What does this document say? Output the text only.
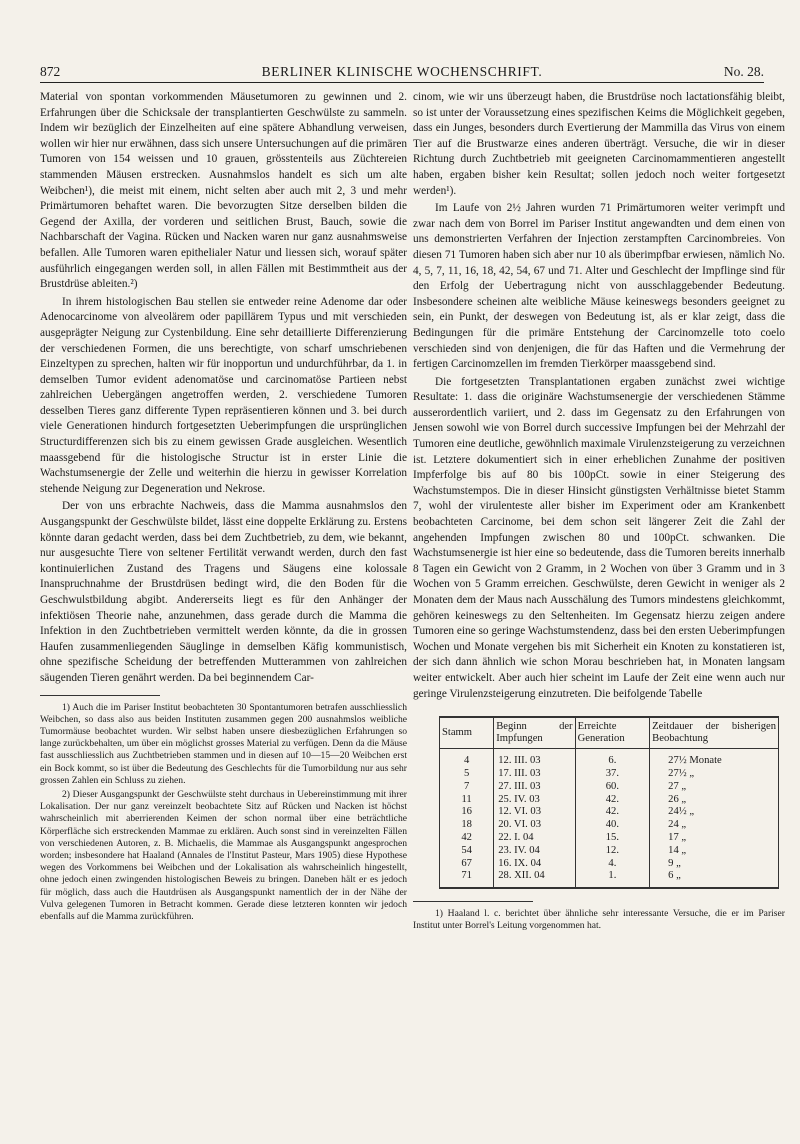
872	BERLINER KLINISCHE WOCHENSCHRIFT.	No. 28.

Material von spontan vorkommenden Mäusetumoren zu gewinnen und 2. Erfahrungen über die Schicksale der transplantierten Geschwülste zu sammeln. Indem wir bezüglich der Einzelheiten auf eine spätere Abhandlung verweisen, wollen wir hier nur erwähnen, dass sich unsere Untersuchungen auf die primären Tumoren von 154 weissen und 10 grauen, grösstenteils aus Züchtereien stammenden Mäusen erstrecken. Ausnahmslos handelt es sich um alte Weibchen¹), die meist mit einem, nicht selten aber auch mit 2, 3 und mehr Primärtumoren behaftet waren. Die bevorzugten Sitze derselben bilden die Gegend der Axilla, der vorderen und seitlichen Brust, Bauch, sowie die Nachbarschaft der Vagina. Rücken und Nacken waren nur ganz ausnahmsweise befallen. Alle Tumoren waren epithelialer Natur und liessen sich, worauf später ausführlich eingegangen werden soll, in allen Fällen mit Bestimmtheit aus der Brustdrüse ableiten.²)

In ihrem histologischen Bau stellen sie entweder reine Adenome dar oder Adenocarcinome von alveolärem oder papillärem Typus und mit verschieden ausgeprägter Neigung zur Cystenbildung. Eine sehr detaillierte Differenzierung der verschiedenen Formen, die uns berechtigte, von scharf umschriebenen Einzeltypen zu sprechen, halten wir für inopportun und undurchführbar, da 1. in demselben Tumor evident adenomatöse und carcinomatöse Partieen nebst zahlreichen Uebergängen angetroffen werden, 2. verschiedene Tumoren desselben Tieres ganz differente Typen repräsentieren können und 3. bei durch viele Generationen hindurch fortgesetzten Ueberimpfungen die ursprünglichen Structurdifferenzen sich bis zu einem gewissen Grade ausgleichen. Wesentlich maassgebend für die histologische Structur ist in erster Linie die Wachstumsenergie der Zelle und weiterhin die hierzu in gewisser Korrelation stehende Neigung zur Degeneration und Nekrose.

Der von uns erbrachte Nachweis, dass die Mamma ausnahmslos den Ausgangspunkt der Geschwülste bildet, lässt eine doppelte Erklärung zu. Erstens könnte daran gedacht werden, dass bei dem Zuchtbetrieb, zu dem, wie bekannt, nur ausgesuchte Tiere von seltener Fertilität verwandt werden, durch den fast kontinuierlichen Zustand des Tragens und Säugens eine kolossale Inanspruchnahme der Brustdrüsen bedingt wird, die den Boden für die Geschwulstbildung abgibt. Andererseits liegt es für den Anhänger der infektiösen Theorie nahe, anzunehmen, dass gerade durch die Mamma die Infektion in den Zuchtbetrieben vermittelt werden könnte, da die in grossen Haufen zusammenliegenden Säuglinge in demselben Käfig kommunistisch, ohne spezifische Scheidung der betreffenden Mutterammen von zahlreichen säugenden Tieren genährt werden. Da bei beginnendem Car-

1) Auch die im Pariser Institut beobachteten 30 Spontantumoren betrafen ausschliesslich Weibchen, so dass also aus beiden Instituten zusammen gegen 200 ausnahmslos weibliche Tumormäuse beobachtet wurden. Wir selbst haben unsere diesbezüglichen Erfahrungen so lange zurückbehalten, um über ein möglichst grosses Material zu verfügen. Denn da die Mäuse fast ausschliesslich aus Zuchtbetrieben stammen und in diesen auf 10—15—20 Weibchen erst ein Bock kommt, so ist über die Bedeutung des Geschlechts für die Tumorbildung nur aus sehr grossen Zahlen ein Schluss zu ziehen.

2) Dieser Ausgangspunkt der Geschwülste steht durchaus in Uebereinstimmung mit ihrer Lokalisation. Der nur ganz vereinzelt beobachtete Sitz auf Rücken und Nacken ist höchst wahrscheinlich mit aberrierenden Keimen der schon normal über eine beträchtliche Körperfläche sich erstreckenden Mammae zu erklären. Auch sonst sind in vereinzelten Fällen von verschiedenen Autoren, z. B. Michaelis, die Mammae als Ausgangspunkt angesprochen worden; insbesondere hat Haaland (Annales de l'Institut Pasteur, Mars 1905) diese Hypothese wegen des Vorkommens bei Weibchen und der Lokalisation als wahrscheinlich hingestellt, ohne jedoch einen zwingenden histologischen Beweis zu bringen. Daneben hält er es jedoch für möglich, dass auch die Hautdrüsen als Ausgangspunkt namentlich der in der Nähe der Vulva gelegenen Tumoren in Betracht kommen. Gerade diese letzteren konnten wir jedoch ebenfalls auf die Mamma zurückführen.

cinom, wie wir uns überzeugt haben, die Brustdrüse noch lactationsfähig bleibt, so ist unter der Voraussetzung eines spezifischen Keims die Möglichkeit gegeben, dass ein Junges, besonders durch Evertierung der Mammilla das Virus von einem Tier auf die Brustwarze eines anderen überträgt. Versuche, die wir in dieser Richtung durch Zuchtbetrieb mit geeigneten Carcinomammentieren angestellt haben, ergaben bisher kein Resultat; sollen jedoch noch weiter fortgesetzt werden¹).

Im Laufe von 2½ Jahren wurden 71 Primärtumoren weiter verimpft und zwar nach dem von Borrel im Pariser Institut angewandten und dem einen von uns demonstrierten Verfahren der Injection zerstampften Carcinombreies. Von diesen 71 Tumoren haben sich aber nur 10 als überimpfbar erwiesen, nämlich No. 4, 5, 7, 11, 16, 18, 42, 54, 67 und 71. Alter und Geschlecht der Impflinge sind für den Erfolg der Uebertragung nicht von ausschlaggebender Bedeutung. Insbesondere scheinen alte weibliche Mäuse keineswegs besonders geeignet zu sein, ein Punkt, der deswegen von Bedeutung ist, als er klar zeigt, dass die Bedingungen für die primäre Entstehung der Carcinomzelle toto coelo verschieden sind von denjenigen, die für das Haften und die Vermehrung der fertigen Carcinomzellen im fremden Tierkörper maassgebend sind.

Die fortgesetzten Transplantationen ergaben zunächst zwei wichtige Resultate: 1. dass die originäre Wachstumsenergie der verschiedenen Stämme ausserordentlich variiert, und 2. dass im Gegensatz zu den Erfahrungen von Jensen sowohl wie von Borrel durch successive Impfungen bei der Mehrzahl der Tumoren eine deutliche, gewöhnlich maximale Virulenzsteigerung zu verzeichnen ist. Letztere dokumentiert sich in einer erheblichen Zunahme der positiven Impferfolge bis auf 80 bis 100pCt. sowie in einer Steigerung des Wachstumstempos. Die in dieser Hinsicht günstigsten Verhältnisse bietet Stamm 7, wohl der virulenteste aller bisher im Experiment oder am Krankenbett beobachteten Carcinome, bei dem schon seit längerer Zeit die Zahl der angehenden Impfungen zwischen 80 und 100pCt. schwanken. Die Wachstumsenergie ist hier eine so bedeutende, dass die Tumoren bereits innerhalb 8 Tagen ein Gewicht von 2 Gramm, in 2 Wochen von über 3 Gramm und in 3 Wochen von 5 Gramm erreichen. Geschwülste, deren Gewicht in weniger als 2 Monaten dem der Maus nach Ausschälung des Tumors mindestens gleichkommt, gehören keineswegs zu den Seltenheiten. Im Gegensatz hierzu zeigen andere Tumoren eine so geringe Wachstumstendenz, dass bei den ersten Ueberimpfungen Wochen und Monate vergehen bis mit Sicherheit ein Knoten zu konstatieren ist, der sich dann ähnlich wie schon Morau beschrieben hat, in Monaten langsam weiter entwickelt. Aber auch hier scheint im Laufe der Zeit eine wenn auch nur geringe Virulenzsteigerung einzutreten. Die beifolgende Tabelle

Stamm	Beginn der Impfungen	Erreichte Generation	Zeitdauer der bisherigen Beobachtung
4	12. III. 03	6.	27½ Monate
5	17. III. 03	37.	27½ „
7	27. III. 03	60.	27 „
11	25. IV. 03	42.	26 „
16	12. VI. 03	42.	24½ „
18	20. VI. 03	40.	24 „
42	22. I. 04	15.	17 „
54	23. IV. 04	12.	14 „
67	16. IX. 04	4.	9 „
71	28. XII. 04	1.	6 „

1) Haaland l. c. berichtet über ähnliche sehr interessante Versuche, die er im Pariser Institut unter Borrel's Leitung vorgenommen hat.
